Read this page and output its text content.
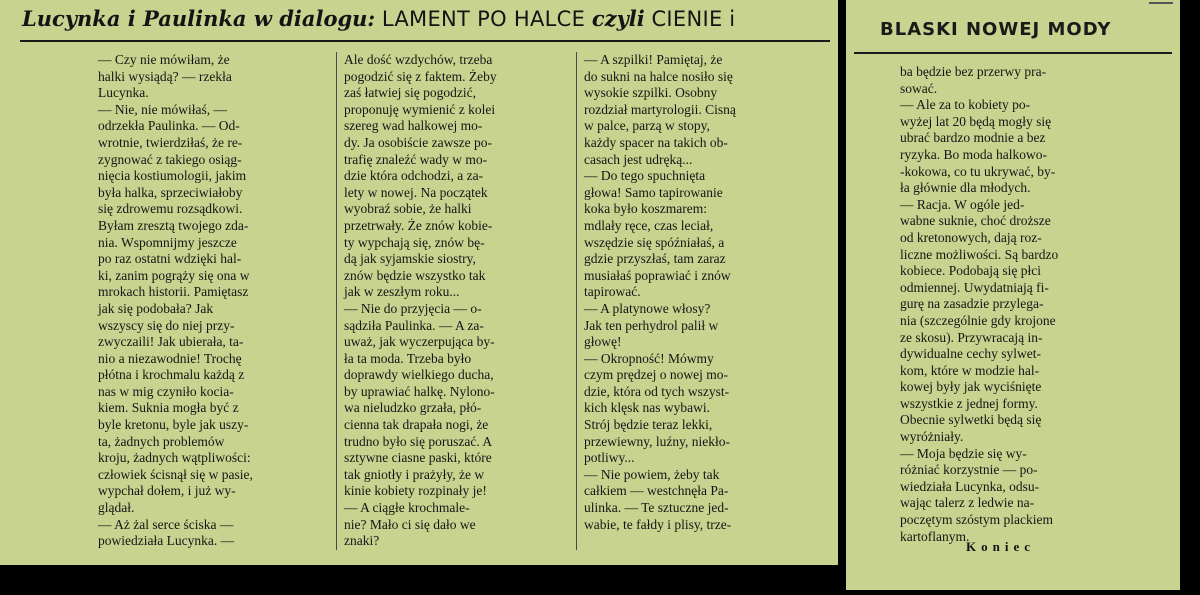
Lucynka i Paulinka w dialogu: LAMENT PO HALCE czyli CIENIE i

— Czy nie mówiłam, że
halki wysiądą? — rzekła
Lucynka.
— Nie, nie mówiłaś, —
odrzekła Paulinka. — Od-
wrotnie, twierdziłaś, że re-
zygnować z takiego osiąg-
nięcia kostiumologii, jakim
była halka, sprzeciwiałoby
się zdrowemu rozsądkowi.
Byłam zresztą twojego zda-
nia. Wspomnijmy jeszcze
po raz ostatni wdzięki hal-
ki, zanim pogrąży się ona w
mrokach historii. Pamiętasz
jak się podobała? Jak
wszyscy się do niej przy-
zwyczaili! Jak ubierała, ta-
nio a niezawodnie! Trochę
płótna i krochmalu każdą z
nas w mig czyniło kocia-
kiem. Suknia mogła być z
byle kretonu, byle jak uszy-
ta, żadnych problemów
kroju, żadnych wątpliwości:
człowiek ścisnął się w pasie,
wypchał dołem, i już wy-
glądał.
— Aż żal serce ściska —
powiedziała Lucynka. —

Ale dość wzdychów, trzeba
pogodzić się z faktem. Żeby
zaś łatwiej się pogodzić,
proponuję wymienić z kolei
szereg wad halkowej mo-
dy. Ja osobiście zawsze po-
trafię znaleźć wady w mo-
dzie która odchodzi, a za-
lety w nowej. Na początek
wyobraź sobie, że halki
przetrwały. Że znów kobie-
ty wypchają się, znów bę-
dą jak syjamskie siostry,
znów będzie wszystko tak
jak w zeszłym roku...
— Nie do przyjęcia — o-
sądziła Paulinka. — A za-
uważ, jak wyczerpująca by-
ła ta moda. Trzeba było
doprawdy wielkiego ducha,
by uprawiać halkę. Nylono-
wa nieludzko grzała, płó-
cienna tak drapała nogi, że
trudno było się poruszać. A
sztywne ciasne paski, które
tak gniotły i prażyły, że w
kinie kobiety rozpinały je!
— A ciągłe krochmale-
nie? Mało ci się dało we
znaki?

— A szpilki! Pamiętaj, że
do sukni na halce nosiło się
wysokie szpilki. Osobny
rozdział martyrologii. Cisną
w palce, parzą w stopy,
każdy spacer na takich ob-
casach jest udręką...
— Do tego spuchnięta
głowa! Samo tapirowanie
koka było koszmarem:
mdlały ręce, czas leciał,
wszędzie się spóźniałaś, a
gdzie przyszłaś, tam zaraz
musiałaś poprawiać i znów
tapirować.
— A platynowe włosy?
Jak ten perhydrol palił w
głowę!
— Okropność! Mówmy
czym prędzej o nowej mo-
dzie, która od tych wszyst-
kich klęsk nas wybawi.
Strój będzie teraz lekki,
przewiewny, luźny, niekło-
potliwy...
— Nie powiem, żeby tak
całkiem — westchnęła Pa-
ulinka. — Te sztuczne jed-
wabie, te fałdy i plisy, trze-

BLASKI NOWEJ MODY

ba będzie bez przerwy pra-
sować.
— Ale za to kobiety po-
wyżej lat 20 będą mogły się
ubrać bardzo modnie a bez
ryzyka. Bo moda halkowo-
-kokowa, co tu ukrywać, by-
ła głównie dla młodych.
— Racja. W ogóle jed-
wabne suknie, choć droższe
od kretonowych, dają roz-
liczne możliwości. Są bardzo
kobiece. Podobają się płci
odmiennej. Uwydatniają fi-
gurę na zasadzie przylega-
nia (szczególnie gdy krojone
ze skosu). Przywracają in-
dywidualne cechy sylwet-
kom, które w modzie hal-
kowej były jak wyciśnięte
wszystkie z jednej formy.
Obecnie sylwetki będą się
wyróżniały.
— Moja będzie się wy-
różniać korzystnie — po-
wiedziała Lucynka, odsu-
wając talerz z ledwie na-
poczętym szóstym plackiem
kartoflanym.

Koniec
